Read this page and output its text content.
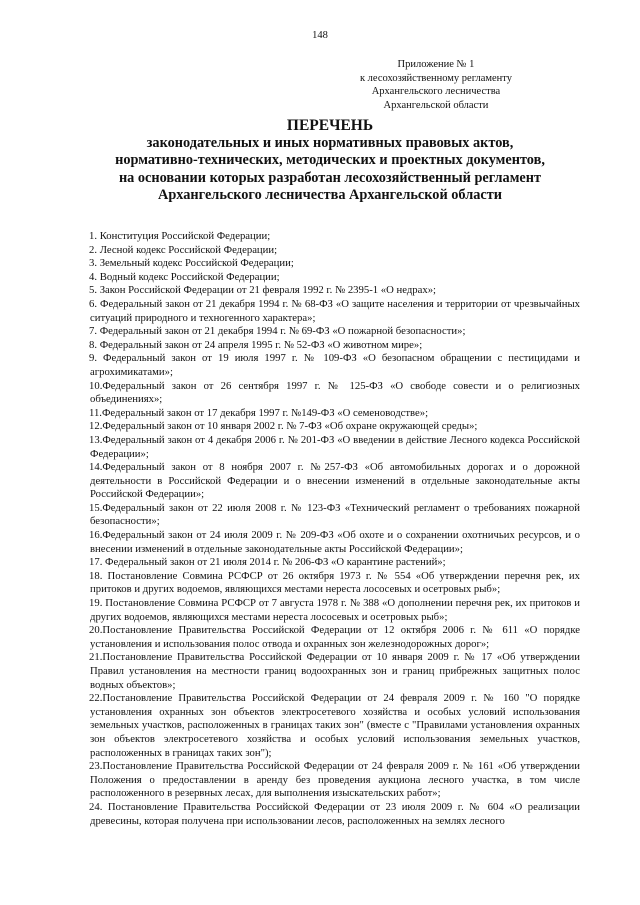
148
Приложение № 1
к лесохозяйственному регламенту
Архангельского лесничества
Архангельской области
ПЕРЕЧЕНЬ
законодательных и иных нормативных правовых актов,
нормативно-технических, методических и проектных документов,
на основании которых разработан лесохозяйственный регламент
Архангельского лесничества Архангельской области

1. Конституция Российской Федерации;

2. Лесной кодекс Российской Федерации;

3. Земельный кодекс Российской Федерации;

4. Водный кодекс Российской Федерации;

5. Закон Российской Федерации от 21 февраля 1992 г. № 2395-1 «О недрах»;

6. Федеральный закон от 21 декабря 1994 г. № 68-ФЗ «О защите населения и территории от чрезвычайных ситуаций природного и техногенного характера»;

7. Федеральный закон от 21 декабря 1994 г. № 69-ФЗ «О пожарной безопасности»;

8. Федеральный закон от 24 апреля 1995 г. № 52-ФЗ «О животном мире»;

9. Федеральный закон от 19 июля 1997 г. № 109-ФЗ «О безопасном обращении с пестицидами и агрохимикатами»;

10.Федеральный закон от 26 сентября 1997 г. № 125-ФЗ «О свободе совести и о религиозных объединениях»;

11.Федеральный закон от 17 декабря 1997 г. №149-ФЗ «О семеноводстве»;

12.Федеральный закон от 10 января 2002 г. № 7-ФЗ «Об охране окружающей среды»;

13.Федеральный закон от 4 декабря 2006 г. № 201-ФЗ «О введении в действие Лесного кодекса Российской Федерации»;

14.Федеральный закон от 8 ноября 2007 г. №257-ФЗ «Об автомобильных дорогах и о дорожной деятельности в Российской Федерации и о внесении изменений в отдельные законодательные акты Российской Федерации»;

15.Федеральный закон от 22 июля 2008 г. № 123-ФЗ «Технический регламент о требованиях пожарной безопасности»;

16.Федеральный закон от 24 июля 2009 г. № 209-ФЗ «Об охоте и о сохранении охотничьих ресурсов, и о внесении изменений в отдельные законодательные акты Российской Федерации»;

17. Федеральный закон от 21 июля 2014 г. № 206-ФЗ «О карантине растений»;

18. Постановление Совмина РСФСР от 26 октября 1973 г. № 554 «Об утверждении перечня рек, их притоков и других водоемов, являющихся местами нереста лососевых и осетровых рыб»;

19. Постановление Совмина РСФСР от 7 августа 1978 г. № 388 «О дополнении перечня рек, их притоков и других водоемов, являющихся местами нереста лососевых и осетровых рыб»;

20.Постановление Правительства Российской Федерации от 12 октября 2006 г. № 611 «О порядке установления и использования полос отвода и охранных зон железнодорожных дорог»;

21.Постановление Правительства Российской Федерации от 10 января 2009 г. № 17 «Об утверждении Правил установления на местности границ водоохранных зон и границ прибрежных защитных полос водных объектов»;

22.Постановление Правительства Российской Федерации от 24 февраля 2009 г. № 160 "О порядке установления охранных зон объектов электросетевого хозяйства и особых условий использования земельных участков, расположенных в границах таких зон" (вместе с "Правилами установления охранных зон объектов электросетевого хозяйства и особых условий использования земельных участков, расположенных в границах таких зон");

23.Постановление Правительства Российской Федерации от 24 февраля 2009 г. № 161 «Об утверждении Положения о предоставлении в аренду без проведения аукциона лесного участка, в том числе расположенного в резервных лесах, для выполнения изыскательских работ»;

24. Постановление Правительства Российской Федерации от 23 июля 2009 г. № 604 «О реализации древесины, которая получена при использовании лесов, расположенных на землях лесного
